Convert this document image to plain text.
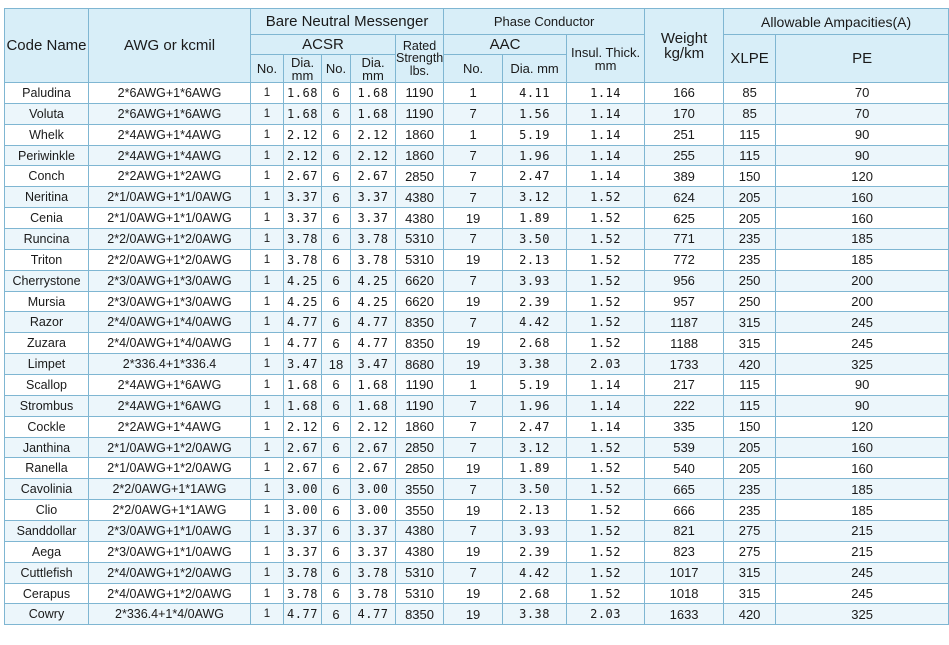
Code Name	AWG or kcmil	Bare Neutral Messenger					Phase Conductor			Weight kg/km	Allowable Ampacities(A)	
		ACSR				Rated Strength lbs.	AAC		Insul. Thick. mm		XLPE	PE
		No.	Dia. mm	No.	Dia. mm		No.	Dia. mm				
Paludina	2*6AWG+1*6AWG	1	1.68	6	1.68	1190	1	4.11	1.14	166	85	70
Voluta	2*6AWG+1*6AWG	1	1.68	6	1.68	1190	7	1.56	1.14	170	85	70
Whelk	2*4AWG+1*4AWG	1	2.12	6	2.12	1860	1	5.19	1.14	251	115	90
Periwinkle	2*4AWG+1*4AWG	1	2.12	6	2.12	1860	7	1.96	1.14	255	115	90
Conch	2*2AWG+1*2AWG	1	2.67	6	2.67	2850	7	2.47	1.14	389	150	120
Neritina	2*1/0AWG+1*1/0AWG	1	3.37	6	3.37	4380	7	3.12	1.52	624	205	160
Cenia	2*1/0AWG+1*1/0AWG	1	3.37	6	3.37	4380	19	1.89	1.52	625	205	160
Runcina	2*2/0AWG+1*2/0AWG	1	3.78	6	3.78	5310	7	3.50	1.52	771	235	185
Triton	2*2/0AWG+1*2/0AWG	1	3.78	6	3.78	5310	19	2.13	1.52	772	235	185
Cherrystone	2*3/0AWG+1*3/0AWG	1	4.25	6	4.25	6620	7	3.93	1.52	956	250	200
Mursia	2*3/0AWG+1*3/0AWG	1	4.25	6	4.25	6620	19	2.39	1.52	957	250	200
Razor	2*4/0AWG+1*4/0AWG	1	4.77	6	4.77	8350	7	4.42	1.52	1187	315	245
Zuzara	2*4/0AWG+1*4/0AWG	1	4.77	6	4.77	8350	19	2.68	1.52	1188	315	245
Limpet	2*336.4+1*336.4	1	3.47	18	3.47	8680	19	3.38	2.03	1733	420	325
Scallop	2*4AWG+1*6AWG	1	1.68	6	1.68	1190	1	5.19	1.14	217	115	90
Strombus	2*4AWG+1*6AWG	1	1.68	6	1.68	1190	7	1.96	1.14	222	115	90
Cockle	2*2AWG+1*4AWG	1	2.12	6	2.12	1860	7	2.47	1.14	335	150	120
Janthina	2*1/0AWG+1*2/0AWG	1	2.67	6	2.67	2850	7	3.12	1.52	539	205	160
Ranella	2*1/0AWG+1*2/0AWG	1	2.67	6	2.67	2850	19	1.89	1.52	540	205	160
Cavolinia	2*2/0AWG+1*1AWG	1	3.00	6	3.00	3550	7	3.50	1.52	665	235	185
Clio	2*2/0AWG+1*1AWG	1	3.00	6	3.00	3550	19	2.13	1.52	666	235	185
Sanddollar	2*3/0AWG+1*1/0AWG	1	3.37	6	3.37	4380	7	3.93	1.52	821	275	215
Aega	2*3/0AWG+1*1/0AWG	1	3.37	6	3.37	4380	19	2.39	1.52	823	275	215
Cuttlefish	2*4/0AWG+1*2/0AWG	1	3.78	6	3.78	5310	7	4.42	1.52	1017	315	245
Cerapus	2*4/0AWG+1*2/0AWG	1	3.78	6	3.78	5310	19	2.68	1.52	1018	315	245
Cowry	2*336.4+1*4/0AWG	1	4.77	6	4.77	8350	19	3.38	2.03	1633	420	325
